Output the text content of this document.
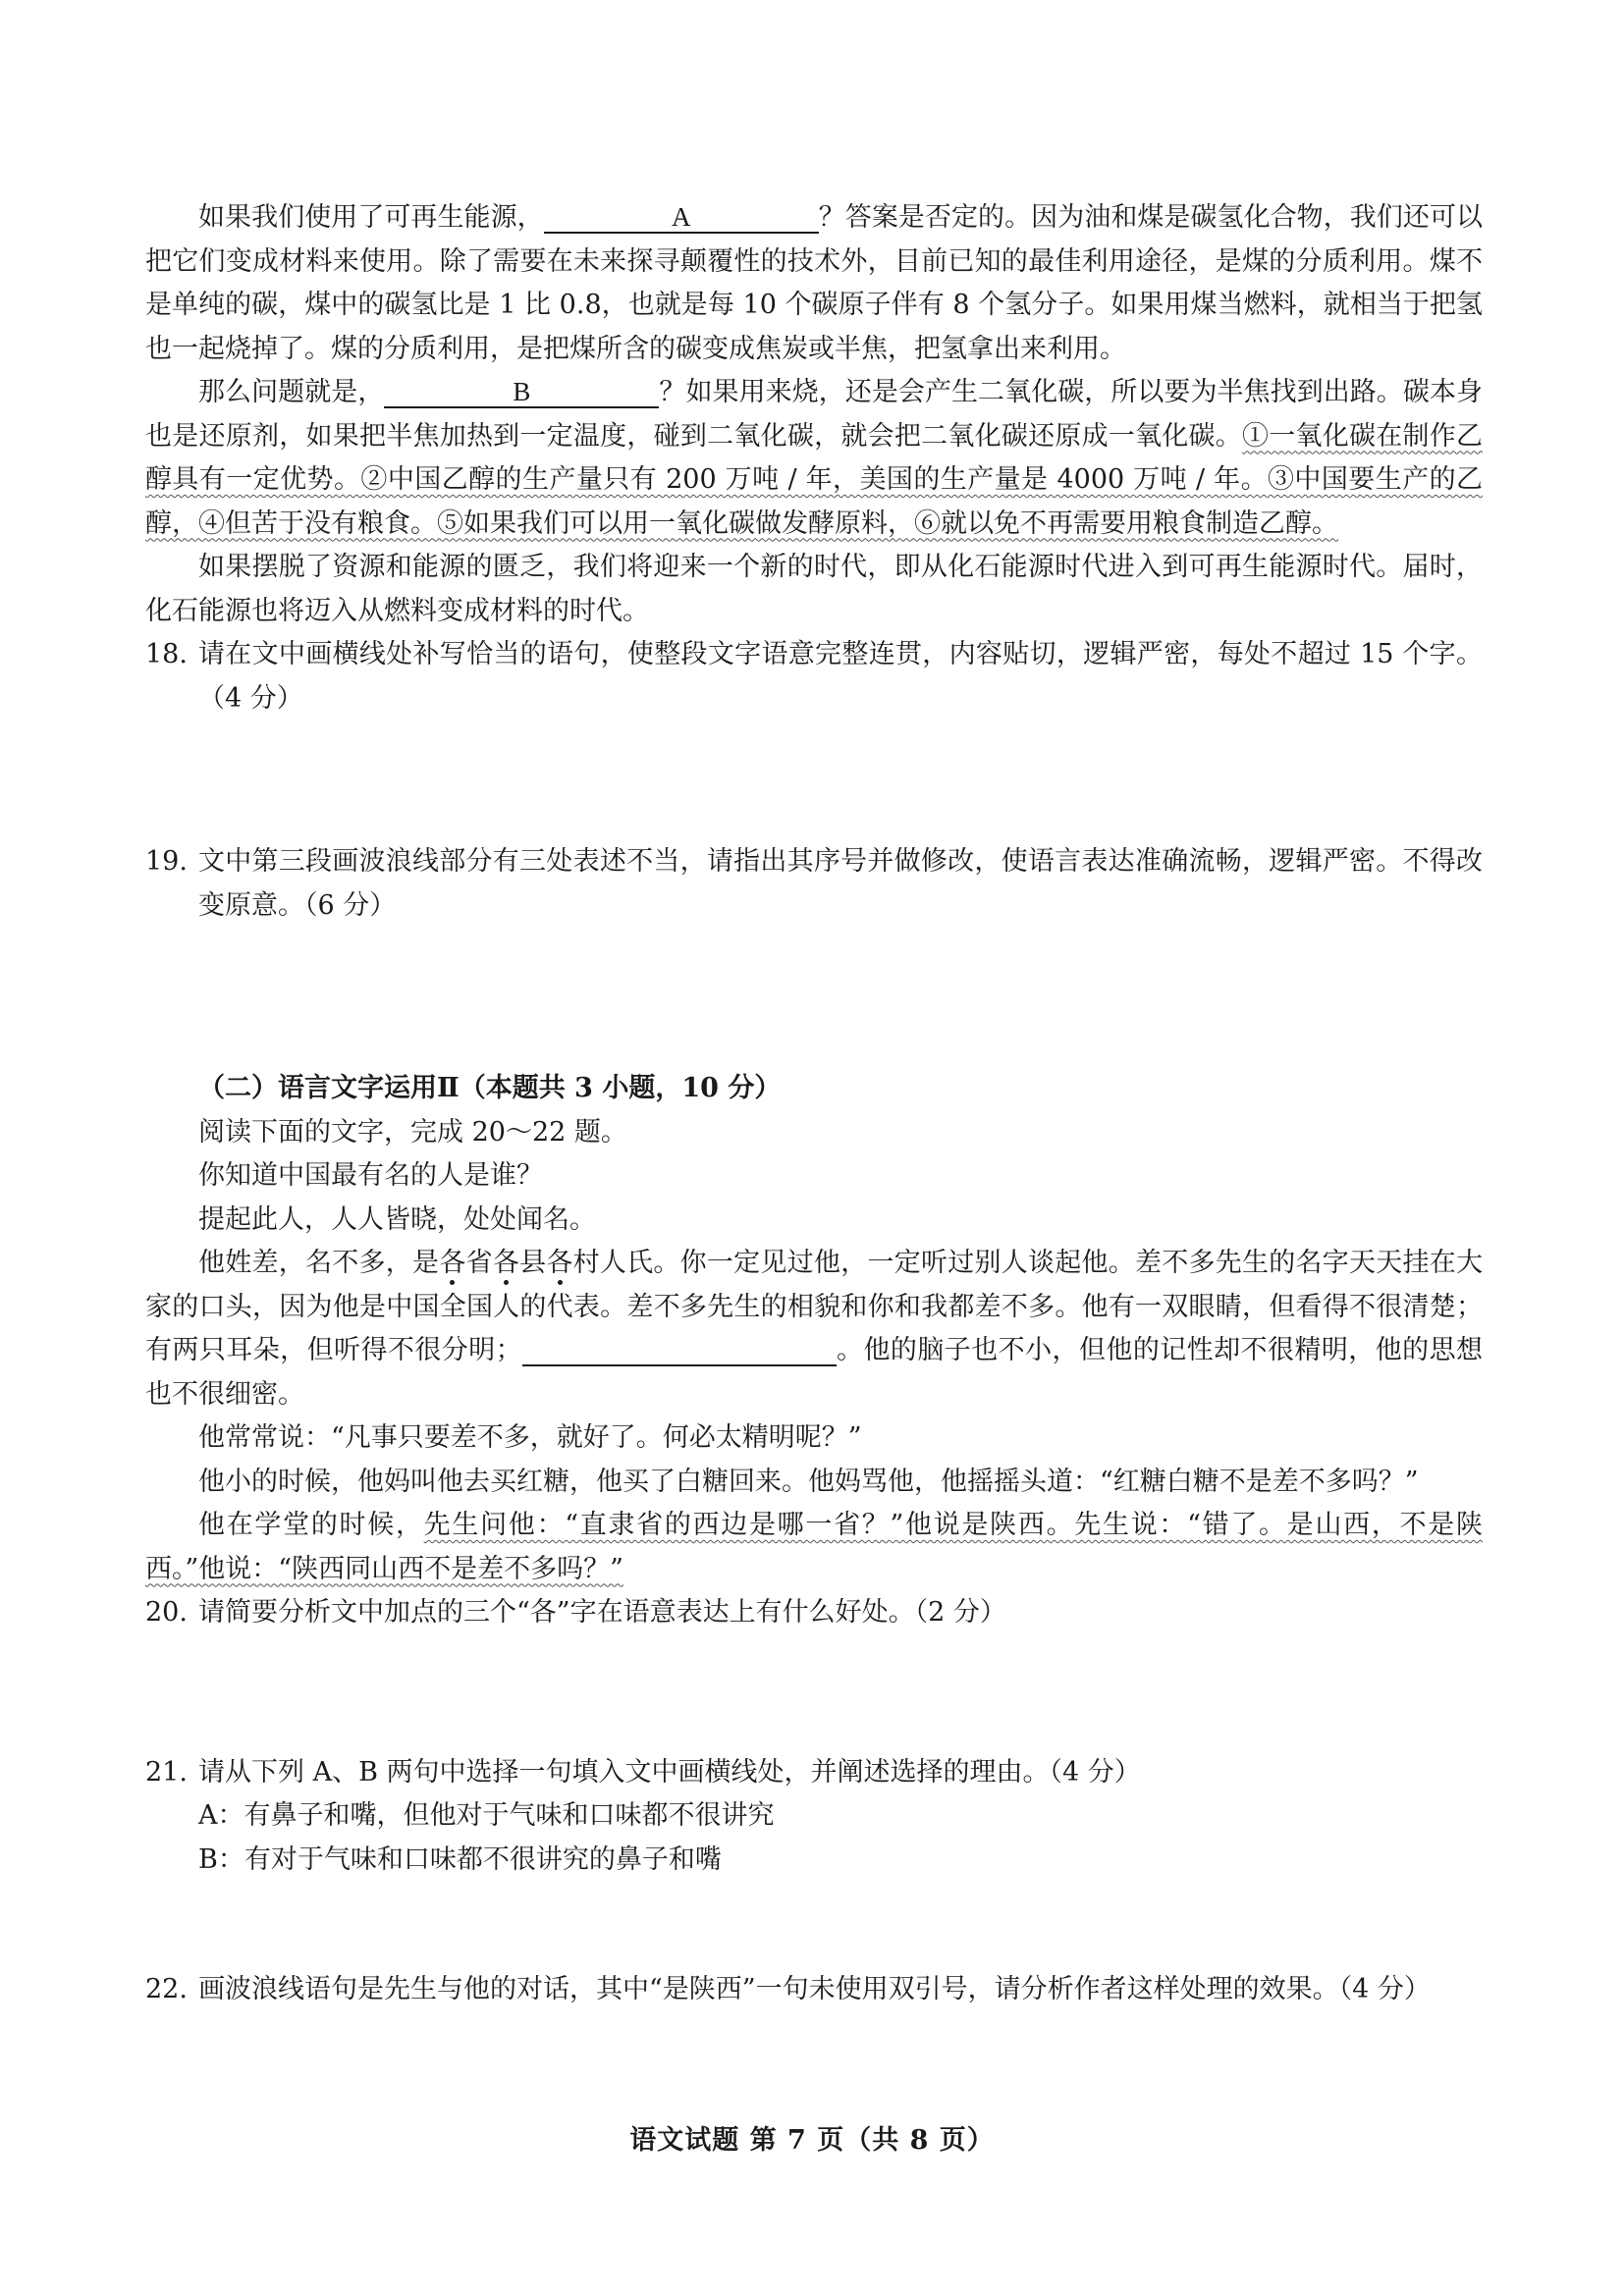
如果我们使用了可再生能源，	A	？答案是否定的。因为油和煤是碳氢化合物，我们还可以把它们变成材料来使用。除了需要在未来探寻颠覆性的技术外，目前已知的最佳利用途径，是煤的分质利用。煤不是单纯的碳，煤中的碳氢比是 1 比 0.8，也就是每 10 个碳原子伴有 8 个氢分子。如果用煤当燃料，就相当于把氢也一起烧掉了。煤的分质利用，是把煤所含的碳变成焦炭或半焦，把氢拿出来利用。

那么问题就是，	B	？如果用来烧，还是会产生二氧化碳，所以要为半焦找到出路。碳本身也是还原剂，如果把半焦加热到一定温度，碰到二氧化碳，就会把二氧化碳还原成一氧化碳。①一氧化碳在制作乙醇具有一定优势。②中国乙醇的生产量只有 200 万吨 / 年，美国的生产量是 4000 万吨 / 年。③中国要生产的乙醇，④但苦于没有粮食。⑤如果我们可以用一氧化碳做发酵原料，⑥就以免不再需要用粮食制造乙醇。

如果摆脱了资源和能源的匮乏，我们将迎来一个新的时代，即从化石能源时代进入到可再生能源时代。届时，化石能源也将迈入从燃料变成材料的时代。

18. 请在文中画横线处补写恰当的语句，使整段文字语意完整连贯，内容贴切，逻辑严密，每处不超过 15 个字。（4 分）
19. 文中第三段画波浪线部分有三处表述不当，请指出其序号并做修改，使语言表达准确流畅，逻辑严密。不得改变原意。（6 分）
（二）语言文字运用Ⅱ（本题共 3 小题，10 分）

阅读下面的文字，完成 20～22 题。

你知道中国最有名的人是谁？

提起此人，人人皆晓，处处闻名。

他姓差，名不多，是各省各县各村人氏。你一定见过他，一定听过别人谈起他。差不多先生的名字天天挂在大家的口头，因为他是中国全国人的代表。差不多先生的相貌和你和我都差不多。他有一双眼睛，但看得不很清楚；有两只耳朵，但听得不很分明；	。他的脑子也不小，但他的记性却不很精明，他的思想也不很细密。

他常常说：“凡事只要差不多，就好了。何必太精明呢？”

他小的时候，他妈叫他去买红糖，他买了白糖回来。他妈骂他，他摇摇头道：“红糖白糖不是差不多吗？”

他在学堂的时候，先生问他：“直隶省的西边是哪一省？”他说是陕西。先生说：“错了。是山西，不是陕西。”他说：“陕西同山西不是差不多吗？”

20. 请简要分析文中加点的三个“各”字在语意表达上有什么好处。（2 分）
21. 请从下列 A、B 两句中选择一句填入文中画横线处，并阐述选择的理由。（4 分）
A：有鼻子和嘴，但他对于气味和口味都不很讲究
B：有对于气味和口味都不很讲究的鼻子和嘴
22. 画波浪线语句是先生与他的对话，其中“是陕西”一句未使用双引号，请分析作者这样处理的效果。（4 分）
语文试题 第 7 页（共 8 页）
